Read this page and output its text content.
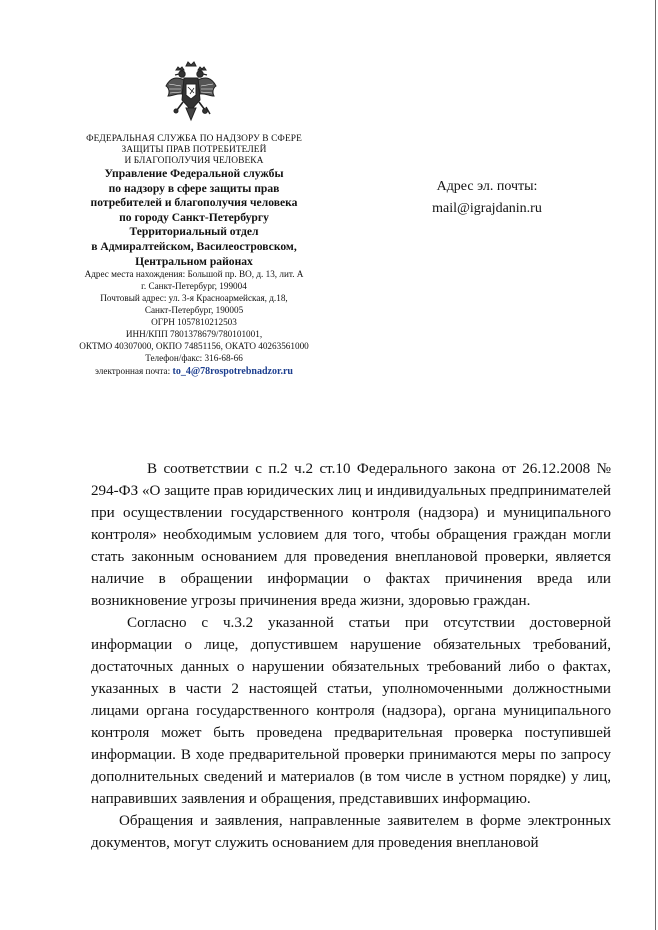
ФЕДЕРАЛЬНАЯ СЛУЖБА ПО НАДЗОРУ В СФЕРЕ
ЗАЩИТЫ ПРАВ ПОТРЕБИТЕЛЕЙ
И БЛАГОПОЛУЧИЯ ЧЕЛОВЕКА
Управление Федеральной службы
по надзору в сфере защиты прав
потребителей и благополучия человека
по городу Санкт-Петербургу
Территориальный отдел
в Адмиралтейском, Василеостровском,
Центральном районах
Адрес места нахождения: Большой пр. ВО, д. 13, лит. А
г. Санкт-Петербург, 199004
Почтовый адрес: ул. 3-я Красноармейская, д.18,
Санкт-Петербург, 190005
ОГРН 1057810212503
ИНН/КПП 7801378679/780101001,
ОКТМО 40307000, ОКПО 74851156, ОКАТО 40263561000
Телефон/факс: 316-68-66
электронная почта: to_4@78rospotrebnadzor.ru
Адрес эл. почты:
mail@igrajdanin.ru

В соответствии с п.2 ч.2 ст.10 Федерального закона от 26.12.2008 № 294-ФЗ «О защите прав юридических лиц и индивидуальных предпринимателей при осуществлении государственного контроля (надзора) и муниципального контроля» необходимым условием для того, чтобы обращения граждан могли стать законным основанием для проведения внеплановой проверки, является наличие в обращении информации о фактах причинения вреда или возникновение угрозы причинения вреда жизни, здоровью граждан.

Согласно с ч.3.2 указанной статьи при отсутствии достоверной информации о лице, допустившем нарушение обязательных требований, достаточных данных о нарушении обязательных требований либо о фактах, указанных в части 2 настоящей статьи, уполномоченными должностными лицами органа государственного контроля (надзора), органа муниципального контроля может быть проведена предварительная проверка поступившей информации. В ходе предварительной проверки принимаются меры по запросу дополнительных сведений и материалов (в том числе в устном порядке) у лиц, направивших заявления и обращения, представивших информацию.

Обращения и заявления, направленные заявителем в форме электронных документов, могут служить основанием для проведения внеплановой
